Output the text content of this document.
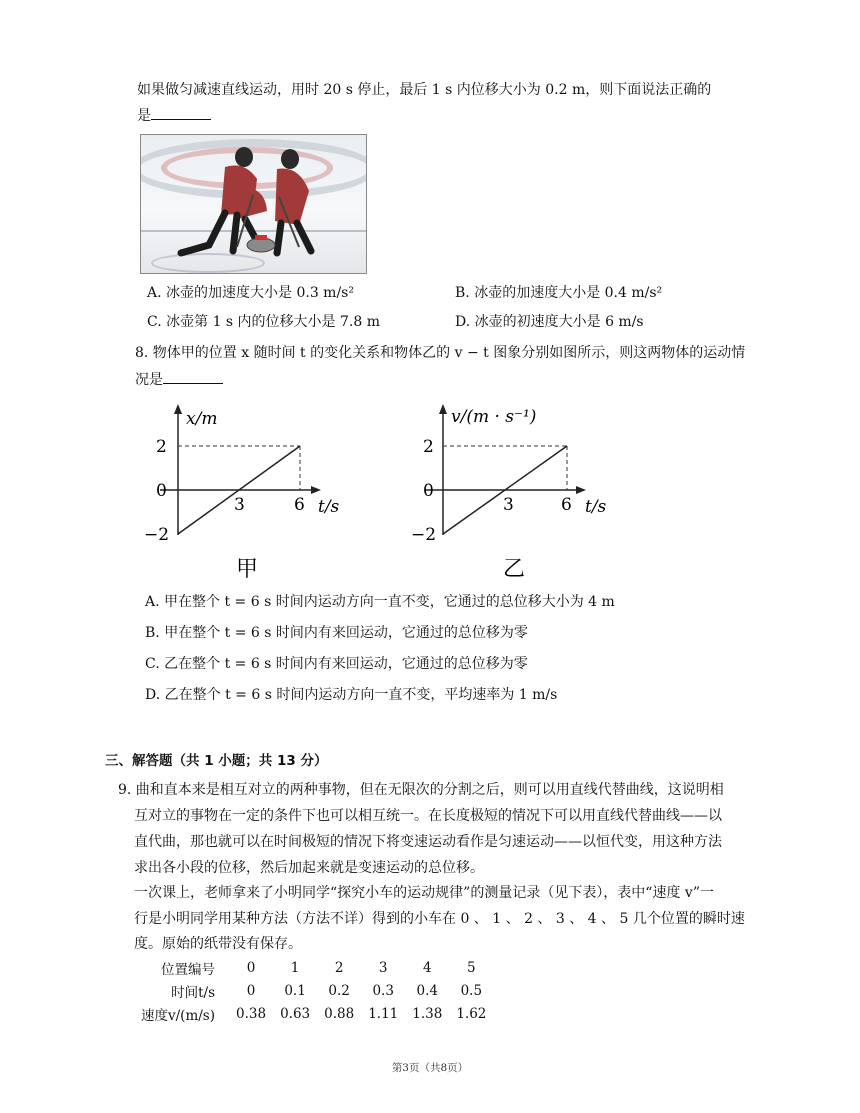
如果做匀减速直线运动，用时 20 s 停止，最后 1 s 内位移大小为 0.2 m，则下面说法正确的
是
A. 冰壶的加速度大小是 0.3 m/s²	B. 冰壶的加速度大小是 0.4 m/s²
C. 冰壶第 1 s 内的位移大小是 7.8 m	D. 冰壶的初速度大小是 6 m/s
8. 物体甲的位置 x 随时间 t 的变化关系和物体乙的 v − t 图象分别如图所示，则这两物体的运动情
况是
x/m
2
0
−2
3	6 t/s
甲
v/(m · s⁻¹)
2
0
−2
3	6 t/s
乙
A. 甲在整个 t = 6 s 时间内运动方向一直不变，它通过的总位移大小为 4 m
B. 甲在整个 t = 6 s 时间内有来回运动，它通过的总位移为零
C. 乙在整个 t = 6 s 时间内有来回运动，它通过的总位移为零
D. 乙在整个 t = 6 s 时间内运动方向一直不变，平均速率为 1 m/s
三、解答题（共 1 小题；共 13 分）
9. 曲和直本来是相互对立的两种事物，但在无限次的分割之后，则可以用直线代替曲线，这说明相
互对立的事物在一定的条件下也可以相互统一。在长度极短的情况下可以用直线代替曲线——以
直代曲，那也就可以在时间极短的情况下将变速运动看作是匀速运动——以恒代变，用这种方法
求出各小段的位移，然后加起来就是变速运动的总位移。
一次课上，老师拿来了小明同学“探究小车的运动规律”的测量记录（见下表），表中“速度 v”一
行是小明同学用某种方法（方法不详）得到的小车在 0 、 1 、 2 、 3 、 4 、 5 几个位置的瞬时速
度。原始的纸带没有保存。
位置编号	0	1	2	3	4	5
时间t/s	0	0.1	0.2	0.3	0.4	0.5
速度v/(m/s)	0.38	0.63	0.88	1.11	1.38	1.62
第3页（共8页）
